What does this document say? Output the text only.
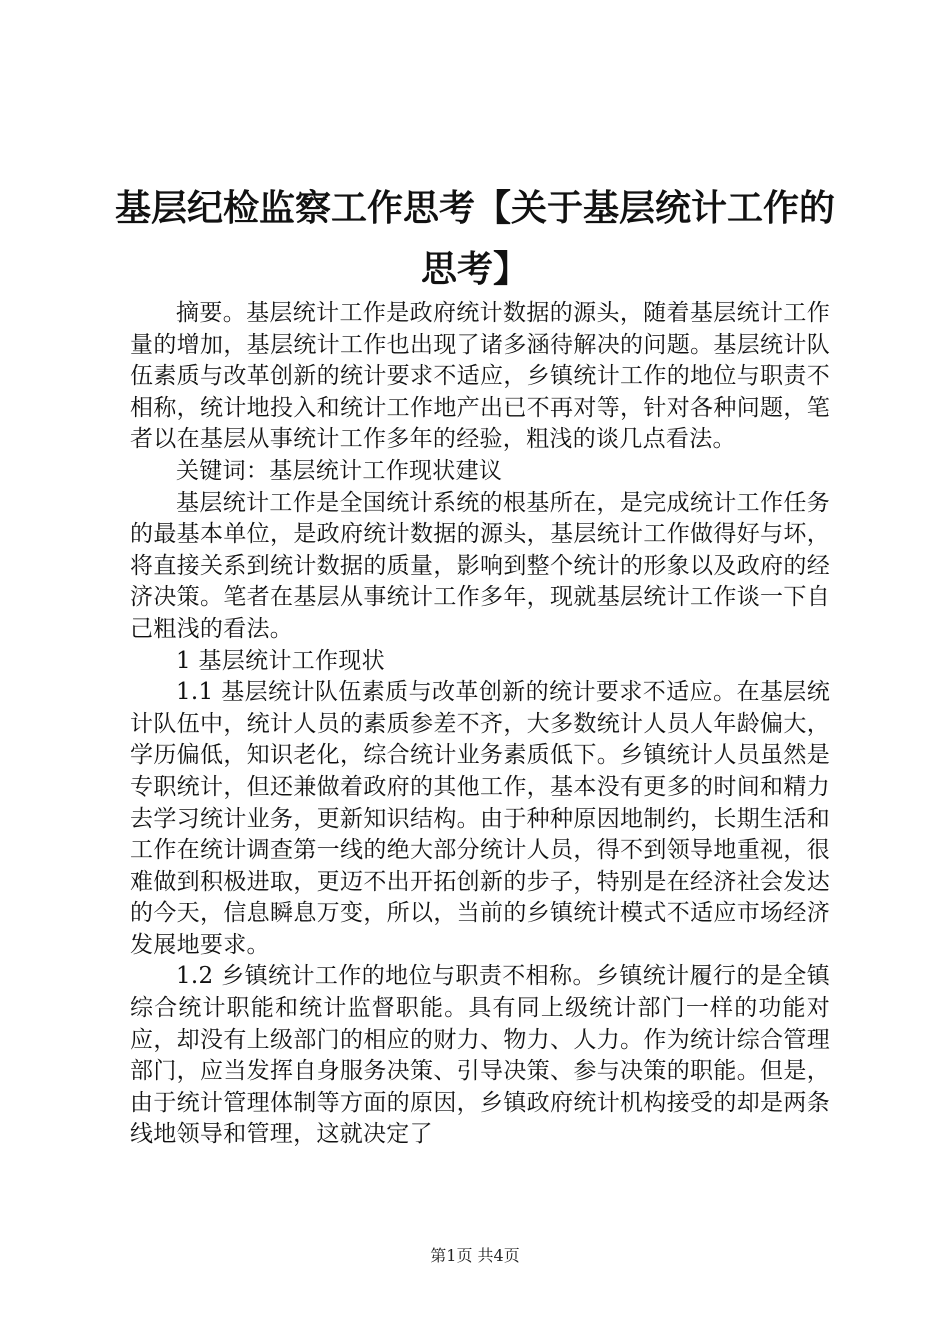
基层纪检监察工作思考【关于基层统计工作的思考】

摘要。基层统计工作是政府统计数据的源头，随着基层统计工作量的增加，基层统计工作也出现了诸多涵待解决的问题。基层统计队伍素质与改革创新的统计要求不适应，乡镇统计工作的地位与职责不相称，统计地投入和统计工作地产出已不再对等，针对各种问题，笔者以在基层从事统计工作多年的经验，粗浅的谈几点看法。

关键词：基层统计工作现状建议

基层统计工作是全国统计系统的根基所在，是完成统计工作任务的最基本单位，是政府统计数据的源头，基层统计工作做得好与坏，将直接关系到统计数据的质量，影响到整个统计的形象以及政府的经济决策。笔者在基层从事统计工作多年，现就基层统计工作谈一下自己粗浅的看法。

1 基层统计工作现状

1.1 基层统计队伍素质与改革创新的统计要求不适应。在基层统计队伍中，统计人员的素质参差不齐，大多数统计人员人年龄偏大，学历偏低，知识老化，综合统计业务素质低下。乡镇统计人员虽然是专职统计，但还兼做着政府的其他工作，基本没有更多的时间和精力去学习统计业务，更新知识结构。由于种种原因地制约，长期生活和工作在统计调查第一线的绝大部分统计人员，得不到领导地重视，很难做到积极进取，更迈不出开拓创新的步子，特别是在经济社会发达的今天，信息瞬息万变，所以，当前的乡镇统计模式不适应市场经济发展地要求。

1.2 乡镇统计工作的地位与职责不相称。乡镇统计履行的是全镇综合统计职能和统计监督职能。具有同上级统计部门一样的功能对应，却没有上级部门的相应的财力、物力、人力。作为统计综合管理部门，应当发挥自身服务决策、引导决策、参与决策的职能。但是，由于统计管理体制等方面的原因，乡镇政府统计机构接受的却是两条线地领导和管理，这就决定了

第1页 共4页
